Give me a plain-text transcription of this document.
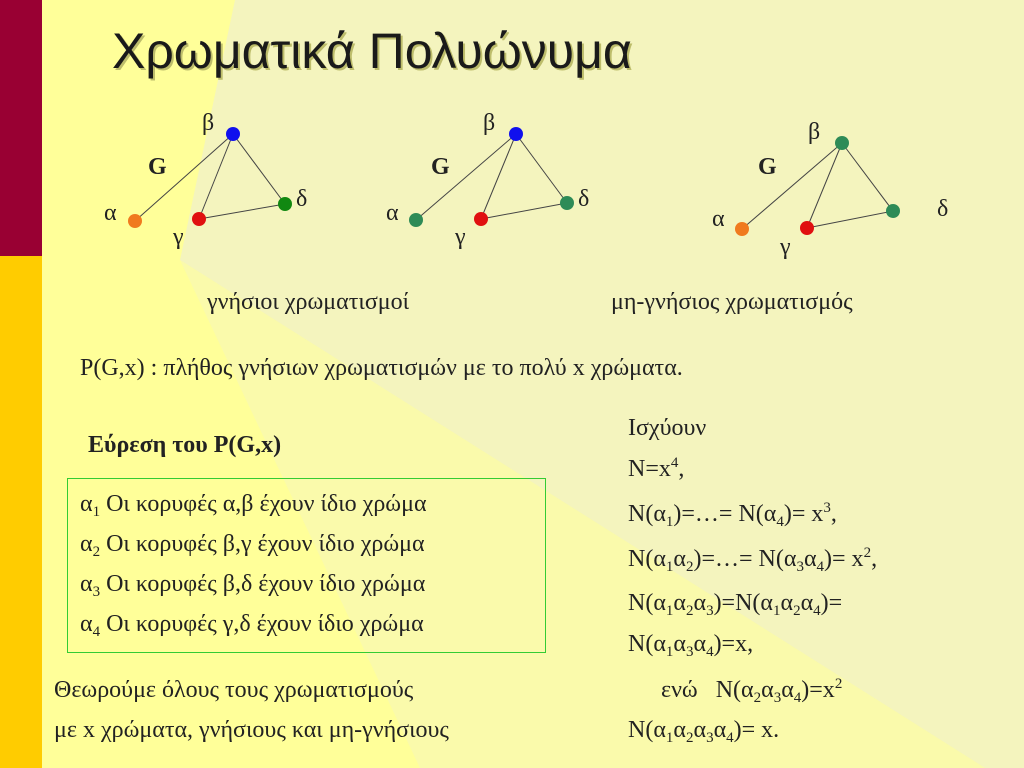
Χρωματικά Πολυώνυμα
G
α
β
γ
δ
G
α
β
γ
δ
G
α
β
γ
δ
γνήσιοι χρωματισμοί	μη-γνήσιος χρωματισμός
P(G,x) : πλήθος γνήσιων χρωματισμών με το πολύ x χρώματα.
Εύρεση του P(G,x)
$\alpha_1$ Οι κορυφές α,β έχουν ίδιο χρώμα
$\alpha_2$ Οι κορυφές β,γ έχουν ίδιο χρώμα
$\alpha_3$ Οι κορυφές β,δ έχουν ίδιο χρώμα
$\alpha_4$ Οι κορυφές γ,δ έχουν ίδιο χρώμα
Θεωρούμε όλους τους χρωματισμούς
με x χρώματα, γνήσιους και μη-γνήσιους
Ισχύουν
$N=x^4$,
$N(\alpha_1)=\dots= N(\alpha_4)= x^3$,
$N(\alpha_1\alpha_2)=\dots= N(\alpha_3\alpha_4)= x^2$,
$N(\alpha_1\alpha_2\alpha_3)=N(\alpha_1\alpha_2\alpha_4)=$
$N(\alpha_1\alpha_3\alpha_4)=x$,
ενώ   $N(\alpha_2\alpha_3\alpha_4)=x^2$
$N(\alpha_1\alpha_2\alpha_3\alpha_4)= x$.
